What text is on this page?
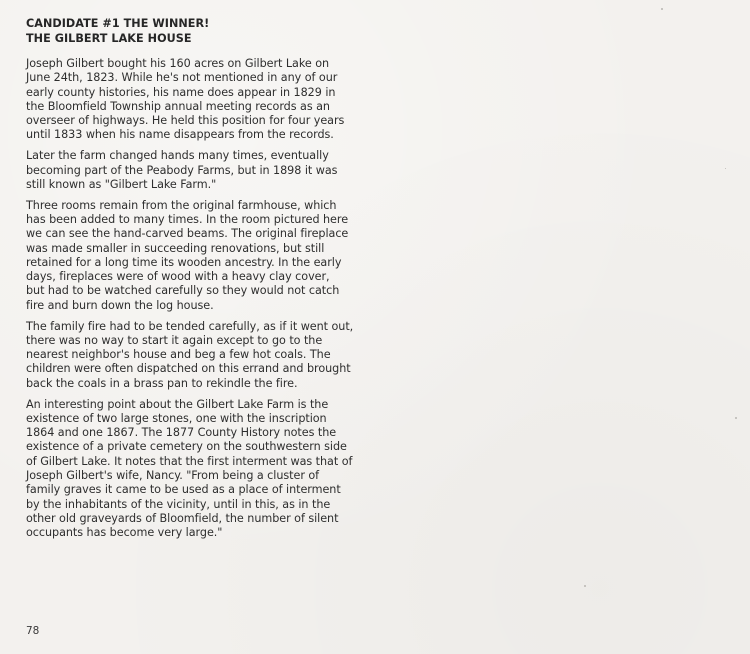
CANDIDATE #1 THE WINNER!
THE GILBERT LAKE HOUSE

Joseph Gilbert bought his 160 acres on Gilbert Lake on
June 24th, 1823. While he's not mentioned in any of our
early county histories, his name does appear in 1829 in
the Bloomfield Township annual meeting records as an
overseer of highways. He held this position for four years
until 1833 when his name disappears from the records.

Later the farm changed hands many times, eventually
becoming part of the Peabody Farms, but in 1898 it was
still known as "Gilbert Lake Farm."

Three rooms remain from the original farmhouse, which
has been added to many times. In the room pictured here
we can see the hand-carved beams. The original fireplace
was made smaller in succeeding renovations, but still
retained for a long time its wooden ancestry. In the early
days, fireplaces were of wood with a heavy clay cover,
but had to be watched carefully so they would not catch
fire and burn down the log house.

The family fire had to be tended carefully, as if it went out,
there was no way to start it again except to go to the
nearest neighbor's house and beg a few hot coals. The
children were often dispatched on this errand and brought
back the coals in a brass pan to rekindle the fire.

An interesting point about the Gilbert Lake Farm is the
existence of two large stones, one with the inscription
1864 and one 1867. The 1877 County History notes the
existence of a private cemetery on the southwestern side
of Gilbert Lake. It notes that the first interment was that of
Joseph Gilbert's wife, Nancy. "From being a cluster of
family graves it came to be used as a place of interment
by the inhabitants of the vicinity, until in this, as in the
other old graveyards of Bloomfield, the number of silent
occupants has become very large."

78
